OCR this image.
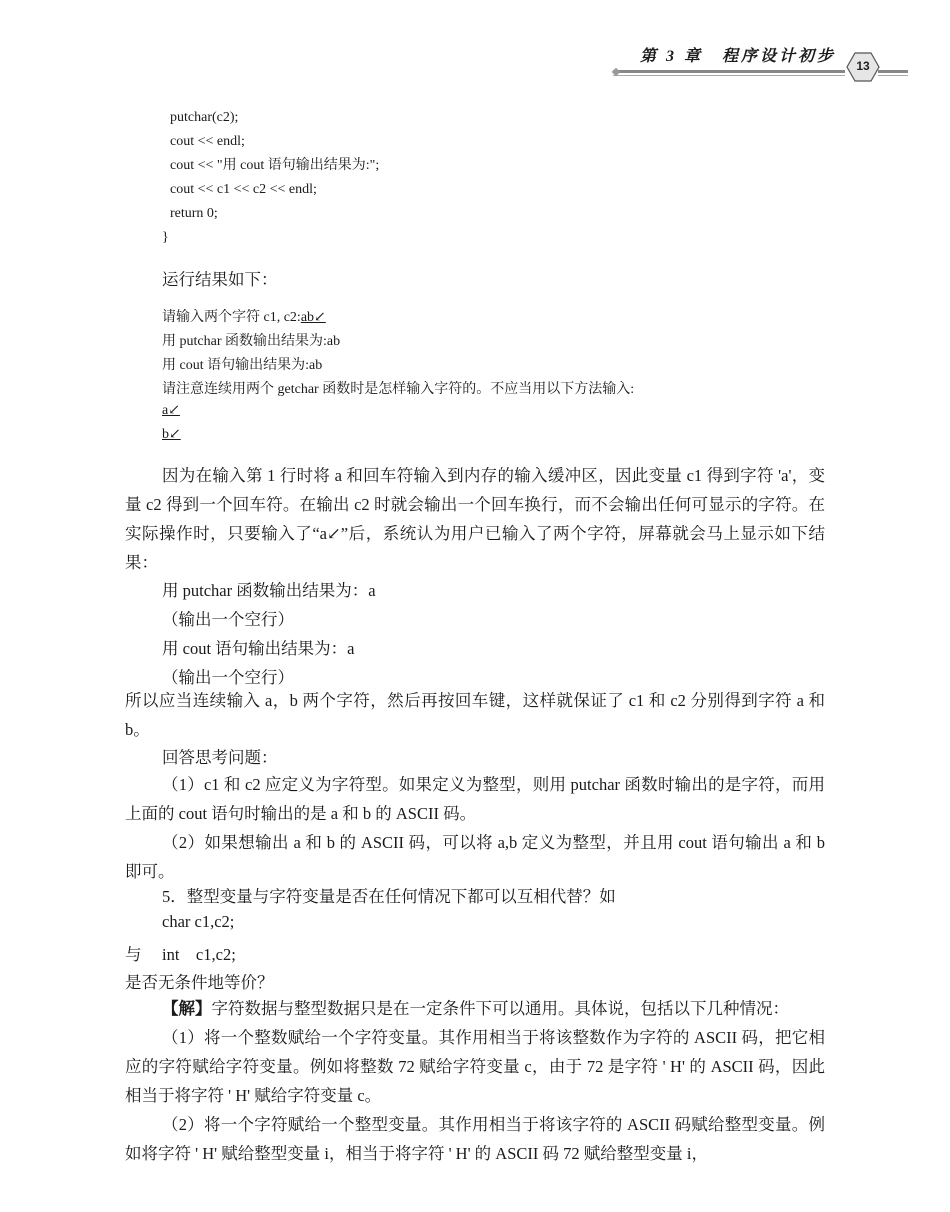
第 3 章　程序设计初步
13
putchar(c2);
cout << endl;
cout << "用 cout 语句输出结果为:";
cout << c1 << c2 << endl;
return 0;
}
运行结果如下：
请输入两个字符 c1, c2:ab↙
用 putchar 函数输出结果为:ab
用 cout 语句输出结果为:ab
请注意连续用两个 getchar 函数时是怎样输入字符的。不应当用以下方法输入:
a↙
b↙
因为在输入第 1 行时将 a 和回车符输入到内存的输入缓冲区，因此变量 c1 得到字符 'a'，变量 c2 得到一个回车符。在输出 c2 时就会输出一个回车换行，而不会输出任何可显示的字符。在实际操作时，只要输入了“a↙”后，系统认为用户已输入了两个字符，屏幕就会马上显示如下结果：
用 putchar 函数输出结果为：a
（输出一个空行）
用 cout 语句输出结果为：a
（输出一个空行）
所以应当连续输入 a，b 两个字符，然后再按回车键，这样就保证了 c1 和 c2 分别得到字符 a 和 b。
回答思考问题：
（1）c1 和 c2 应定义为字符型。如果定义为整型，则用 putchar 函数时输出的是字符，而用上面的 cout 语句时输出的是 a 和 b 的 ASCII 码。
（2）如果想输出 a 和 b 的 ASCII 码，可以将 a,b 定义为整型，并且用 cout 语句输出 a 和 b 即可。
5．整型变量与字符变量是否在任何情况下都可以互相代替？如
char c1,c2;
与 int　c1,c2;
是否无条件地等价？
【解】字符数据与整型数据只是在一定条件下可以通用。具体说，包括以下几种情况：
（1）将一个整数赋给一个字符变量。其作用相当于将该整数作为字符的 ASCII 码，把它相应的字符赋给字符变量。例如将整数 72 赋给字符变量 c，由于 72 是字符 ' H' 的 ASCII 码，因此相当于将字符 ' H' 赋给字符变量 c。
（2）将一个字符赋给一个整型变量。其作用相当于将该字符的 ASCII 码赋给整型变量。例如将字符 ' H' 赋给整型变量 i，相当于将字符 ' H' 的 ASCII 码 72 赋给整型变量 i，
